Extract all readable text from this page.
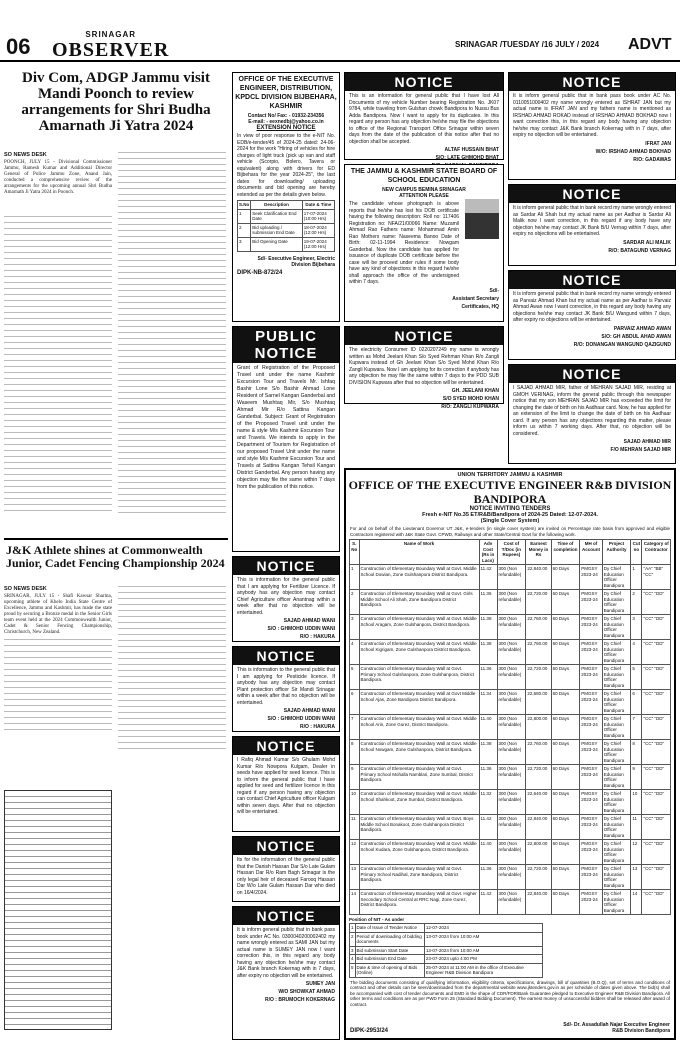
06	SRINAGAR
OBSERVER	SRINAGAR /TUESDAY /16 JULY / 2024 ADVT
Div Com, ADGP Jammu visit Mandi Poonch to review arrangements for Shri Budha Amarnath Ji Yatra 2024
SO NEWS DESK
POONCH, JULY 15 - Divisional Commissioner Jammu, Ramesh Kumar and Additional Director General of Police Jammu Zone, Anand Jain, conducted a comprehensive review of the arrangements for the upcoming annual Shri Budha Amarnath Ji Yatra 2024 in Poonch.
J&K Athlete shines at Commonwealth Junior, Cadet Fencing Championship 2024
SO NEWS DESK
SRINAGAR, JULY 15 - Shafi Kawsar Sharma, upcoming athlete of Khelo India State Centre of Excellence, Jammu and Kashmir, has made the state proud by securing a Bronze medal in the Senior Girls team event held at the 2024 Commonwealth Junior, Cadet & Senior Fencing Championship, Christchurch, New Zealand.
OFFICE OF THE EXECUTIVE ENGINEER, DISTRIBUTION, KPDCL DIVISION BIJBEHARA, KASHMIR
Contact No/ Fax: - 01932-234356
E-mail: - eexnedbj@yahoo.co.in
EXTENSION NOTICE
In view of poor response to the e-NIT No. EDB/e-tender/45 of 2024-25 dated: 24-06-2024 for the work "Hiring of vehicles for hire charges of light truck (pick up van and staff vehicle (Scorpio, Bolero, Tavera or equivalent) along with drivers for ED Bijbehara for the year 2024-25", the last dates for downloading/ uploading documents and bid opening are hereby extended as per the details given below.
S.No	Description	Date & Time
1	Seek Clarification End Date	17-07-2024 (10:00 Hrs)
2	Bid uploading / submission End Date	18-07-2024 (12:00 Hrs)
3	Bid Opening Date	19-07-2024 (12:00 Hrs)
Sd/- Executive Engineer, Electric Division Bijbehara
DIPK-NB-872/24
PUBLIC NOTICE
Grant of Registration of the Proposed Travel unit under the name Kashmir Excursion Tour and Travels Mr. Ishfaq Bashir Lone S/o Bashir Ahmad Lone Resident of Sarnel Kangan Ganderbal and Waseem Mushtaq Mir, S/o Mushtaq Ahmad Mir R/o Sattina Kangan Ganderbal. Subject: Grant of Registration of the Proposed Travel unit under the name & style M/s Kashmir Excursion Tour and Travels. We intends to apply in the Department of Tourism for Registration of our proposed Travel Unit under the name and style M/s Kashmir Excursion Tour and Travels at Sattina Kangan Tehsil Kangan District Ganderbal. Any person having any objection may file the same within 7 days from the publication of this notice.
NOTICE
This is information for the general public that I am applying for Fertilizer Licence. If anybody has any objection may contact Chief Agriculture officer Anantnag within a week after that no objection will be entertained.
SAJAD AHMAD WANI
S/O : GHMOHD UDDIN WANI
R/O : HAKURA
NOTICE
This is information to the general public that I am applying for Pesticide licence. If anybody has any objection may contact Plant protection officer Sir Mandi Srinagar within a week after that no objection will be entertained.
SAJAD AHMAD WANI
S/O : GHMOHD UDDIN WANI
R/O : HAKURA
NOTICE
I Rafiq Ahmad Kumar S/o Ghulam Mohd Kumar R/o Nowpora Kulgam, Dealer in seeds have applied for seed licence. This is to inform the general public that I have applied for seed and fertilizer licence in this regard if any person having any objection can contact Chief Agriculture officer Kulgam within seven days. After that no objection will be entertained.
NOTICE
Its for the information of the general public that the Danish Hassan Dar S/o Late Gulam Hassan Dar R/o Ram Bagh Srinagar is the only legal heir of deceased Farooq Hassan Dar W/o Late Gulam Hassan Dar who died on 16/4/2024.
NOTICE
It is inform general public that in bank pass book under AC No. 0300040200002402 my name wrongly entered as SAMI JAN but my actual name is SUMEY JAN now I want correction this, in this regard any body having any objection he/she may contact J&K Bank branch Kokernag with in 7 days, after expiry no objection will be entertained.
SUMEY JAN
W/O SHOWKAT AHMAD
R/O : BRUMOCH KOKERNAG
NOTICE
This is an information for general public that I have lost All Documents of my vehicle Number bearing Registration No. JK07 9784, while traveling from Gulshan chowk Bandipora to Nussu Bus Adda Bandipora. Now I want to apply for its duplicates. In this regard any person has any objection he/she may file the objections to office of the Regional Transport Office Srinagar within seven days from the date of the publication of this notice after that no objection shall be accepted.
ALTAF HUSSAIN BHAT
S/O: LATE GHMOHD BHAT
THE JAMMU & KASHMIR STATE BOARD OF SCHOOL EDUCATION
NEW CAMPUS BEMINA SRINAGAR
ATTENTION PLEASE
The candidate whose photograph is above reports that he/she has lost his DOB certificate having the following description: Roll no: 117406 Registration no: NFA/21/00066 Name: Muzamil Ahmad Rao Fathers name: Mohammad Amin Rao Mothers name: Naseema Banoo Date of Birth: 02-11-1994 Residence: Nowgam Ganderbal. Now the candidate has applied for issuance of duplicate DOB certificate before the case will be proceed under rules if some body have any kind of objections in this regard he/she shall approach the office of the undersigned within 7 days.
Sd/-
Assistant Secretary
Certificates, HQ
NOTICE
The electricity Consumer ID 0220207249 my name is wrongly written as Mohd Jeelani Khan S/o Syed Rehman Khan R/o Zangli Kupwara instead of Gh Jeelani Khan S/o Syed Mohd Khan R/o Zangli Kupwara. Now I am applying for its correction if anybody has any objection he may file the same within 7 days to the PDD SUB DIVISION Kupwara after that no objection will be entertained.
GH. JEELANI KHAN
S/O SYED MOHD KHAN
R/O: ZANGLI KUPWARA
NOTICE
It is inform general public that in bank pass book under AC No. 0110051000402 my name wrongly entered as ISHRAT JAN but my actual name is IFRAT JAN and my fathers name is mentioned as IRSHAD AHMAD ROKAD instead of IRSHAD AHMAD BOKHAD now I want correction this, in this regard any body having any objection he/she may contact J&K Bank branch Kokernag with in 7 days, after expiry no objection will be entertained.
IFRAT JAN
W/O: IRSHAD AHMAD BOKHAD
R/O: GADAWAS
NOTICE
It is inform general public that in bank record my name wrongly entered as Sardar Ali Shah but my actual name as per Aadhar is Sardar Ali Malik now I want correction, in this regard if any body have any objection he/she may contact JK Bank B/U Vernag within 7 days, after expiry no objections will be entertained.
SARDAR ALI MALIK
R/O: BATAGUND VERNAG
NOTICE
It is inform general public that in bank record my name wrongly entered as Parvaiz Ahmad Khan but my actual name as per Aadhar is Parvaiz Ahmad Awan now I want correction, in this regard any body having any objections he/she may contact JK Bank B/U Wangund within 7 days, after expiry no objections will be entertained.
PARVAIZ AHMAD AWAN
S/O: GH ABDUL AHAD AWAN
R/O: DONANGAN WANGUND QAZIGUND
NOTICE
I SAJAD AHMAD MIR, father of MEHRAN SAJAD MIR, residing at GMOH VERINAG, inform the general public through this newspaper notice that my son MEHRAN SAJAD MIR has exceeded the limit for changing the date of birth on his Aadhaar card. Now, he has applied for an extension of the limit to change the date of birth on his Aadhaar card. If any person has any objections regarding this matter, please inform us within 7 working days. After that, no objection will be considered.
SAJAD AHMAD MIR
F/O MEHRAN SAJAD MIR
UNION TERRITORY JAMMU & KASHMIR
OFFICE OF THE EXECUTIVE ENGINEER R&B DIVISION BANDIPORA
NOTICE INVITING TENDERS
Fresh e-NIT No.35 ET/R&B/Bandipora of 2024-25 Dated: 12-07-2024.
(Single Cover System)
For and on behalf of the Lieutenant Governor UT J&K, e-tenders (in single cover system) are invited on Percentage rate basis from approved and eligible Contractors registered with J&K State Govt. CPWD, Railways and other State/Central Govt for the following work.
S. No	Name of Work	Adv Cost (Rs in Lacs)	Cost of T/Doc (in Rupees)	Earnest Money in Rs	Time of completion	MH of Account	Project Authority	Cut no	Category of Contractor
1	Construction of Elementary Boundary Wall at Govt. Middle School Dowian, Zone Gulshanpora District Bandipora.	11.42	300 (Non refundable)	22,840.00	60 Days	PMGSY 2023-24	Dy Chief Education Officer Bandipora	1	"AA" "BB" "CC"
2	Construction of Elementary Boundary Wall at Govt. Girls Middle School Ali Shah, Zone Bandipora District Bandipora.	11.36	300 (Non refundable)	22,720.00	60 Days	PMGSY 2023-24	Dy Chief Education Officer Bandipora	2	"CC" "DD"
3	Construction of Elementary Boundary Wall at Govt. Middle School Aragam, Zone Gulshanpora, District Bandipora.	11.38	300 (Non refundable)	22,760.00	60 Days	PMGSY 2023-24	Dy Chief Education Officer Bandipora	3	"CC" "DD"
4	Construction of Elementary Boundary Wall at Govt. Middle School Kigrigam, Zone Gulshanpora District Bandipora.	11.38	300 (Non refundable)	22,760.00	60 Days	PMGSY 2023-24	Dy Chief Education Officer Bandipora	4	"CC" "DD"
5	Construction of Elementary Boundary Wall at Govt. Primary School Gulshanpora, Zone Gulshanpora, District Bandipora.	11.36	300 (Non refundable)	22,720.00	60 Days	PMGSY 2023-24	Dy Chief Education Officer Bandipora	5	"CC" "DD"
6	Construction of Elementary Boundary Wall at Govt Middle School Ajas, Zone Bandipora District Bandipora.	11.34	300 (Non refundable)	22,680.00	60 Days	PMGSY 2023-24	Dy Chief Education Officer Bandipora	6	"CC" "DD"
7	Construction of Elementary Boundary Wall at Govt. Middle School Arin, Zone Gurez, District Bandipora.	11.40	300 (Non refundable)	22,800.00	60 Days	PMGSY 2023-24	Dy Chief Education Officer Bandipora	7	"CC" "DD"
8	Construction of Elementary Boundary Wall at Govt. Middle School Nowgam, Zone Gulshanpora, District Bandipora.	11.38	300 (Non refundable)	22,760.00	60 Days	PMGSY 2023-24	Dy Chief Education Officer Bandipora	8	"CC" "DD"
9	Construction of Elementary Boundary Wall at Govt. Primary School Mohalla Namblari, Zone Sumbal, District Bandipora.	11.36	300 (Non refundable)	22,720.00	60 Days	PMGSY 2023-24	Dy Chief Education Officer Bandipora	9	"CC" "DD"
10	Construction of Elementary Boundary Wall at Govt. Middle School Shahkoot, Zone Sumbal, District Bandipora.	11.32	300 (Non refundable)	22,640.00	60 Days	PMGSY 2023-24	Dy Chief Education Officer Bandipora	10	"CC" "DD"
11	Construction of Elementary Boundary Wall at Govt. Boys Middle School Bonakoot, Zone Gulshanpora District Bandipora.	11.42	300 (Non refundable)	22,840.00	60 Days	PMGSY 2023-24	Dy Chief Education Officer Bandipora	11	"CC" "DD"
12	Construction of Elementary Boundary Wall at Govt. Middle School Kudara, Zone Gulshanpora, District Bandipora.	11.40	300 (Non refundable)	22,800.00	60 Days	PMGSY 2023-24	Dy Chief Education Officer Bandipora	12	"CC" "DD"
13	Construction of Elementary Boundary Wall at Govt. Primary School Nadihal, Zone Bandipora, District Bandipora.	11.36	300 (Non refundable)	22,720.00	60 Days	PMGSY 2023-24	Dy Chief Education Officer Bandipora	13	"CC" "DD"
14	Construction of Elementary Boundary Wall at Govt. Higher Secondary School Central at RRC Nagi, Zone Gurez, District Bandipora.	11.42	300 (Non refundable)	22,840.00	60 Days	PMGSY 2023-24	Dy Chief Education Officer Bandipora	14	"CC" "DD"
Position of NIT - As under
1	Date of Issue of Tender Notice	12-07-2024
2	Period of downloading of bidding documents	13-07-2024 from 10:00 AM
3	Bid submission Start Date	13-07-2024 from 10:00 AM
4	Bid submission End Date	23-07-2024 upto 4:00 PM
5	Date & time of opening of Bids (Online)	25-07-2024 at 11:00 AM in the office of Executive Engineer R&B Division Bandipora
The bidding documents consisting of qualifying information, eligibility criteria, specifications, drawings, bill of quantities (B.O.Q), set of terms and conditions of contract and other details can be seen/downloaded from the departmental website www.jktenders.gov.in as per schedule of dates given above. The bid(s) shall be accompanied with cost of tender documents and EMD in the shape of CDR/FDR/Bank Guarantee pledged to Executive Engineer R&B Division Bandipora. All other terms and conditions are as per PWD Form 25 (Standard Bidding Document). The earnest money of unsuccessful bidders shall be released after award of contract.
DIPK-2953/24
Sd/- Dr. Assadullah Najar Executive Engineer R&B Division Bandipora
